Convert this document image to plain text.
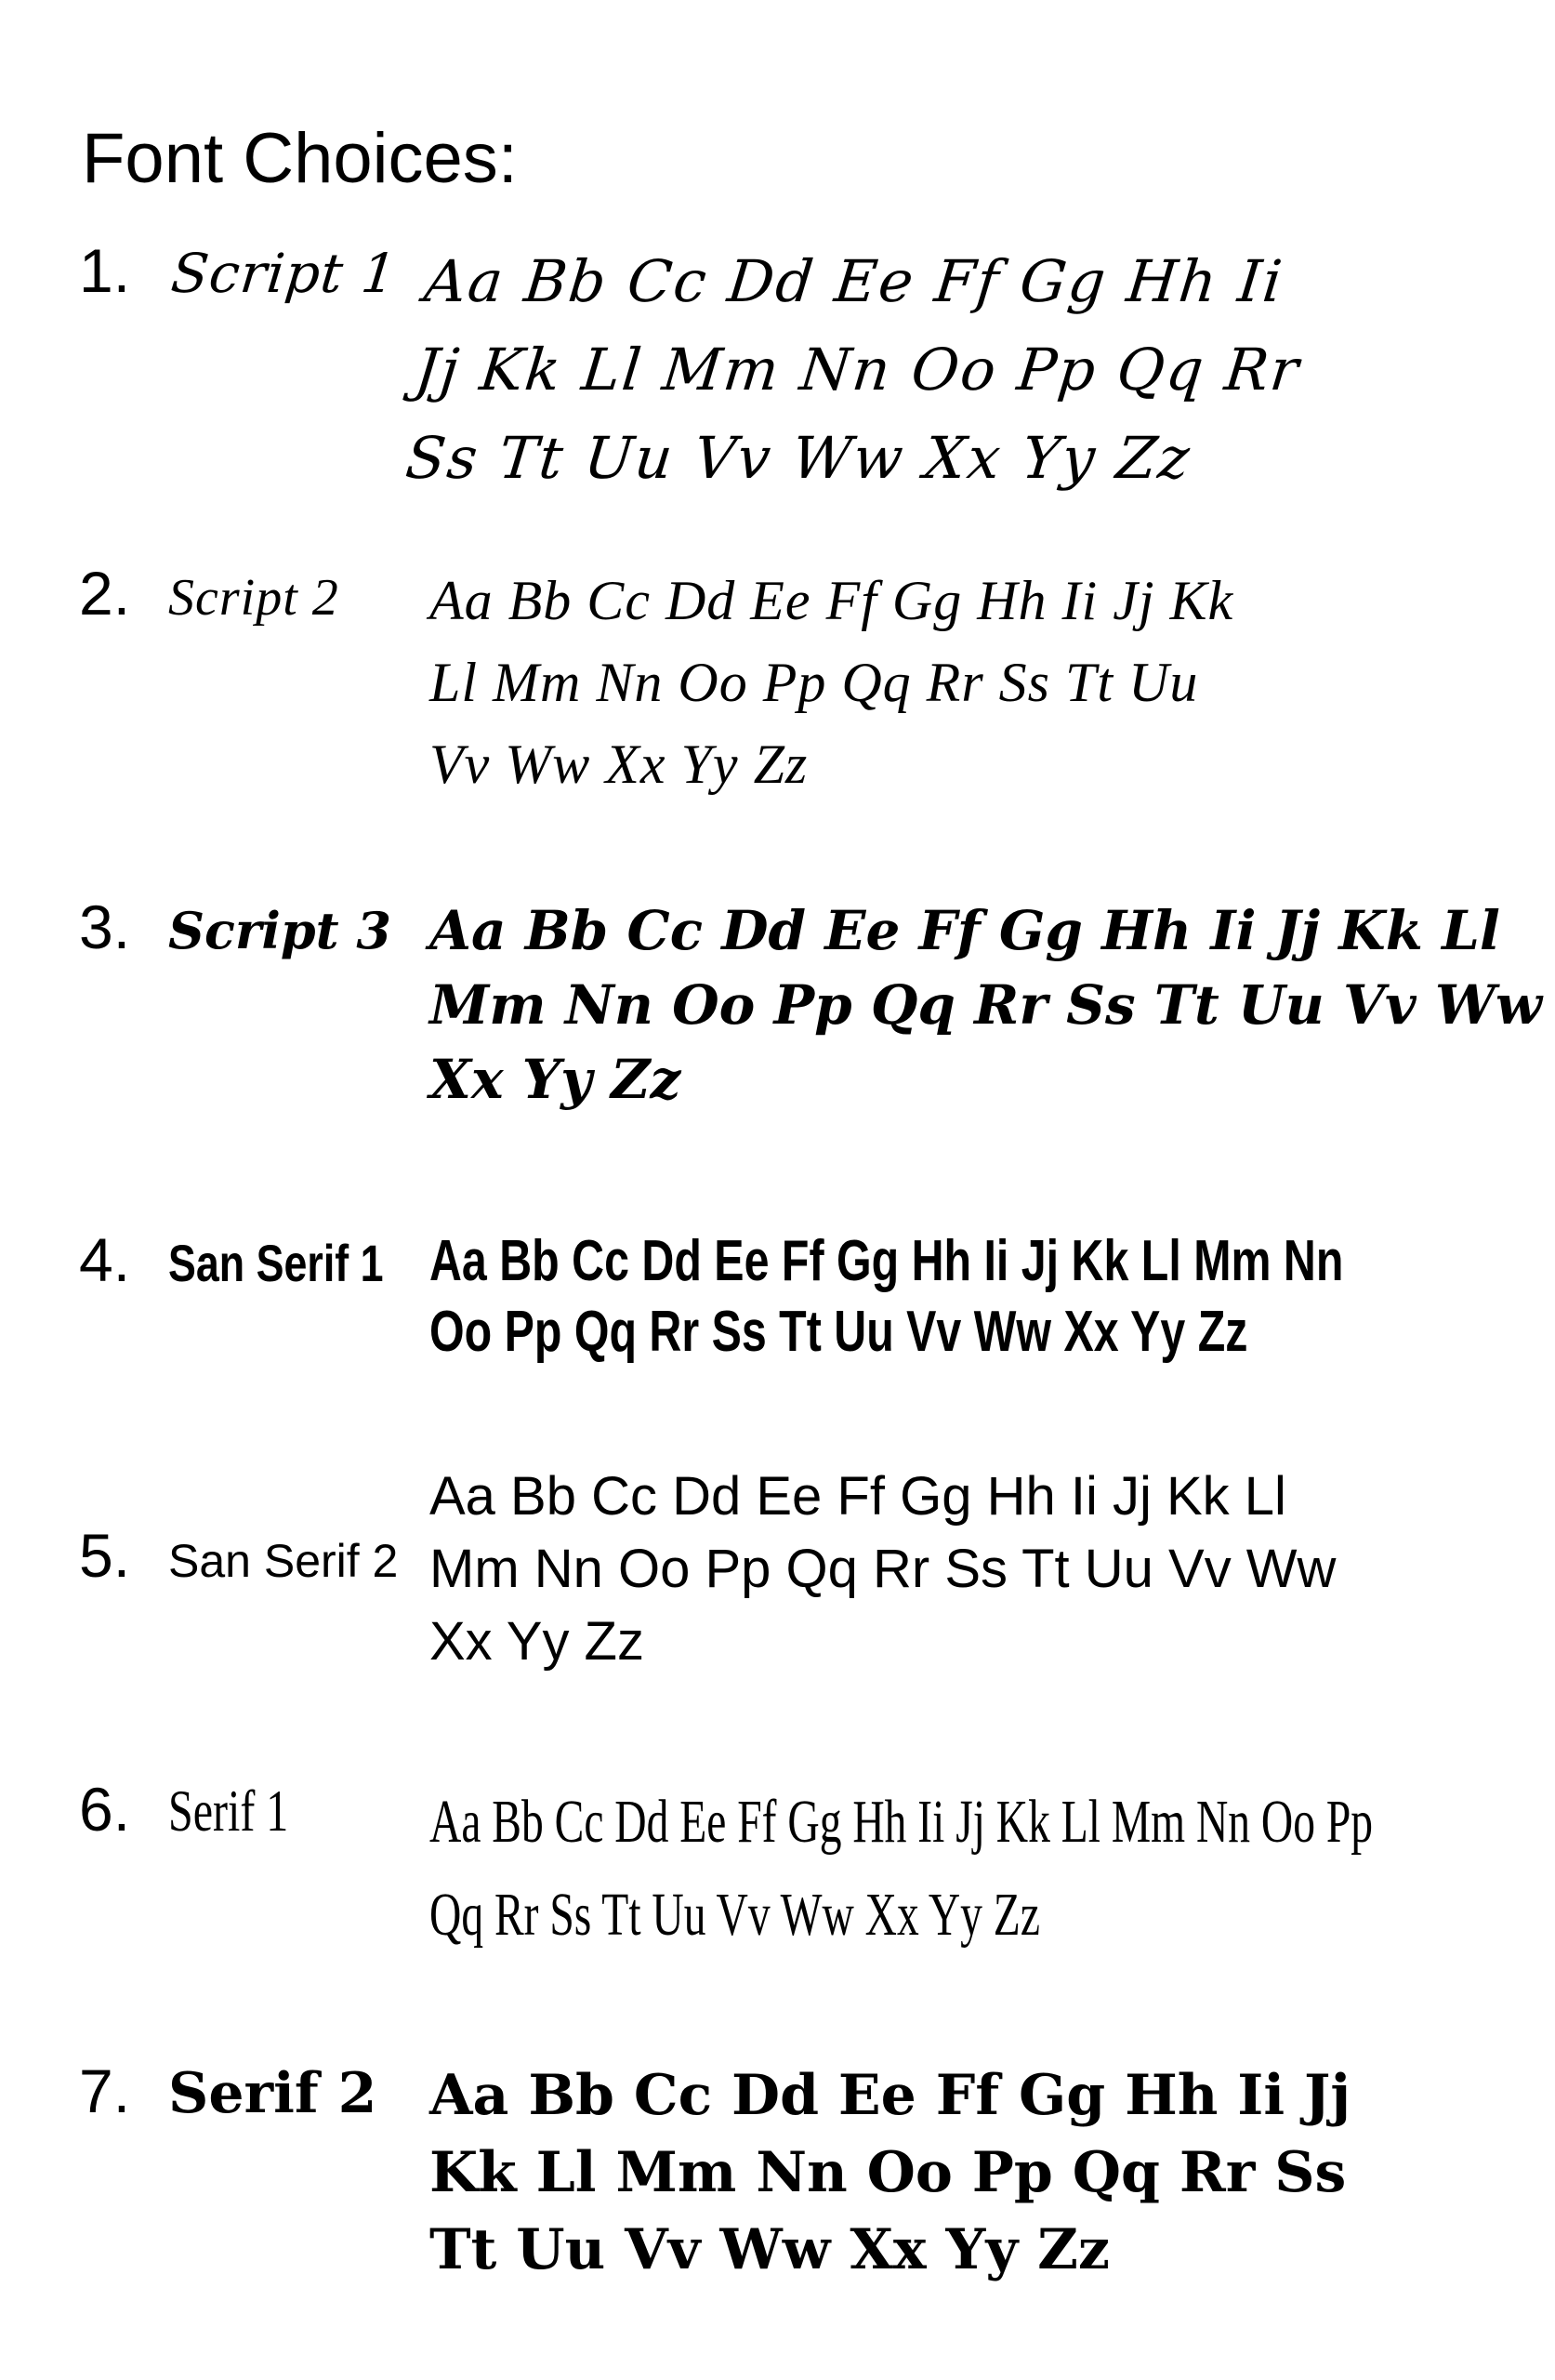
Font Choices:
1. Script 1 Aa Bb Cc Dd Ee Ff Gg Hh Ii
Jj Kk Ll Mm Nn Oo Pp Qq Rr
Ss Tt Uu Vv Ww Xx Yy Zz
2. Script 2 Aa Bb Cc Dd Ee Ff Gg Hh Ii Jj Kk
Ll Mm Nn Oo Pp Qq Rr Ss Tt Uu
Vv Ww Xx Yy Zz
3. Script 3 Aa Bb Cc Dd Ee Ff Gg Hh Ii Jj Kk Ll
Mm Nn Oo Pp Qq Rr Ss Tt Uu Vv Ww
Xx Yy Zz
4. San Serif 1 Aa Bb Cc Dd Ee Ff Gg Hh Ii Jj Kk Ll Mm Nn
Oo Pp Qq Rr Ss Tt Uu Vv Ww Xx Yy Zz
5. San Serif 2
Aa Bb Cc Dd Ee Ff Gg Hh Ii Jj Kk Ll
Mm Nn Oo Pp Qq Rr Ss Tt Uu Vv Ww
Xx Yy Zz
6. Serif 1 Aa Bb Cc Dd Ee Ff Gg Hh Ii Jj Kk Ll Mm Nn Oo Pp
Qq Rr Ss Tt Uu Vv Ww Xx Yy Zz
7. Serif 2 Aa Bb Cc Dd Ee Ff Gg Hh Ii Jj
Kk Ll Mm Nn Oo Pp Qq Rr Ss
Tt Uu Vv Ww Xx Yy Zz
